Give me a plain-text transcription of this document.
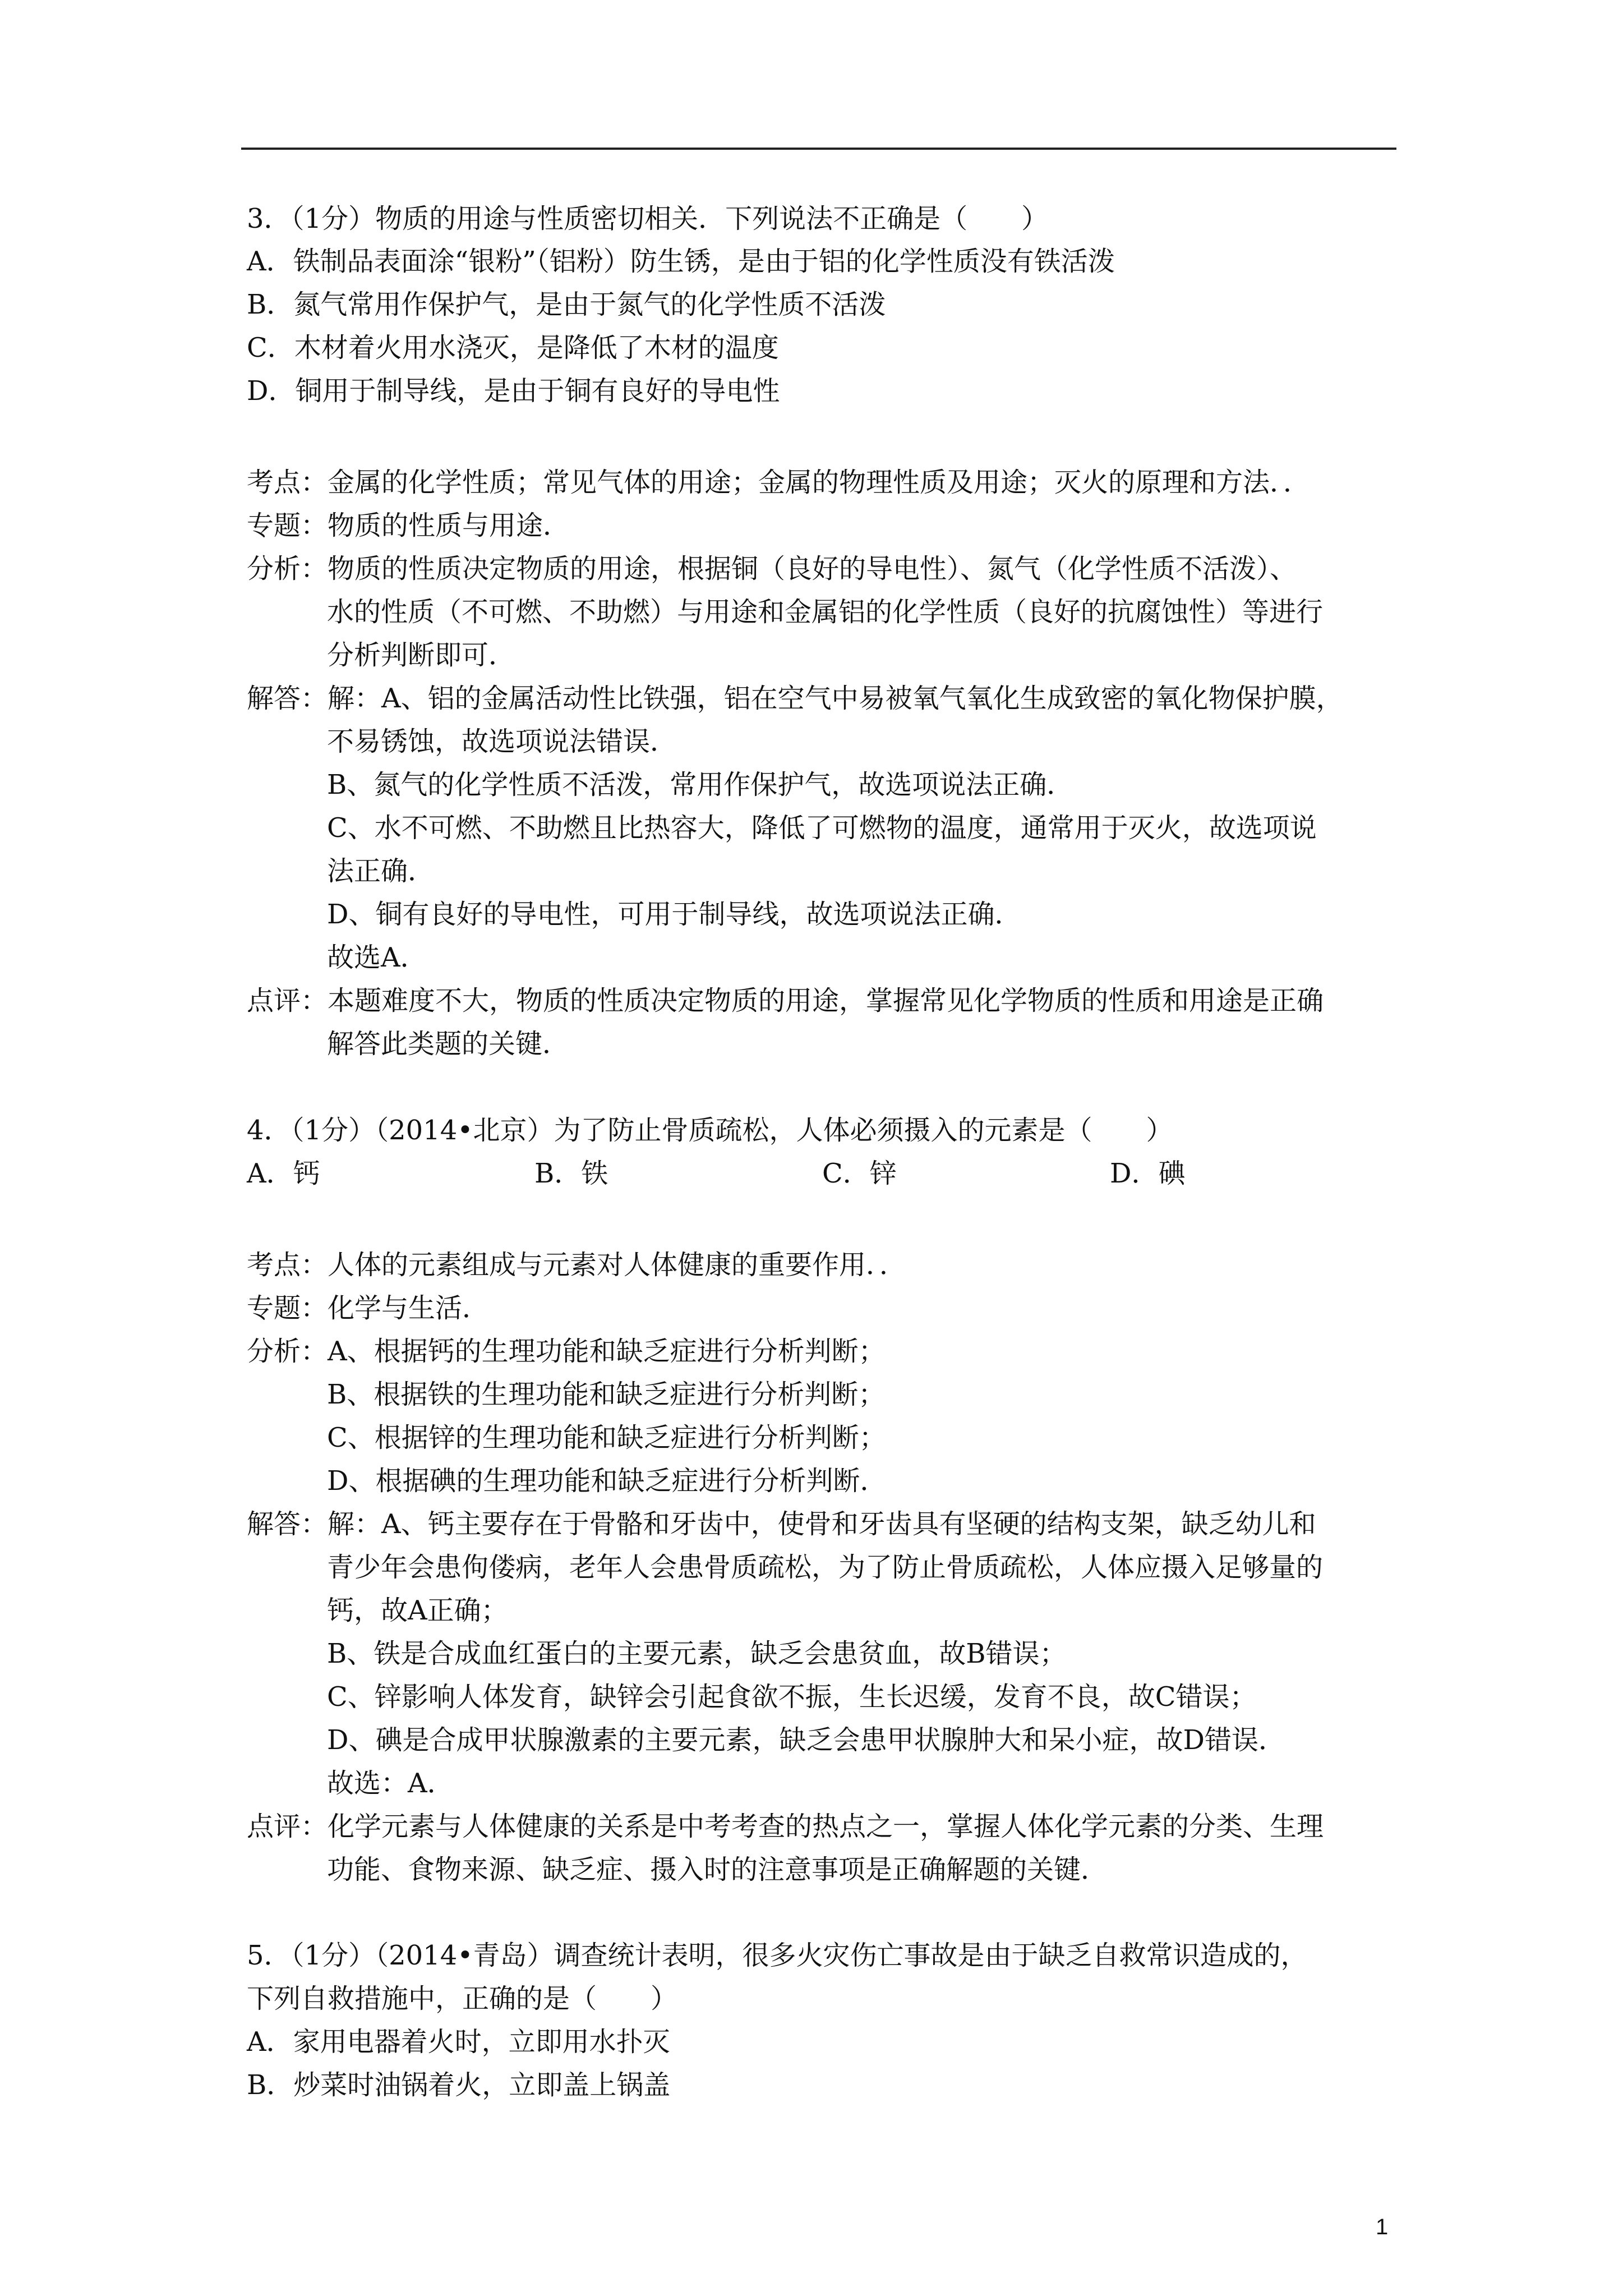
3．（1分）物质的用途与性质密切相关．下列说法不正确是（　　）
A．铁制品表面涂“银粉”（铝粉）防生锈，是由于铝的化学性质没有铁活泼
B．氮气常用作保护气，是由于氮气的化学性质不活泼
C．木材着火用水浇灭，是降低了木材的温度
D．铜用于制导线，是由于铜有良好的导电性
考点：金属的化学性质；常见气体的用途；金属的物理性质及用途；灭火的原理和方法．．
专题：物质的性质与用途．
分析：物质的性质决定物质的用途，根据铜（良好的导电性）、氮气（化学性质不活泼）、
水的性质（不可燃、不助燃）与用途和金属铝的化学性质（良好的抗腐蚀性）等进行
分析判断即可．
解答：解：A、铝的金属活动性比铁强，铝在空气中易被氧气氧化生成致密的氧化物保护膜，
不易锈蚀，故选项说法错误．
B、氮气的化学性质不活泼，常用作保护气，故选项说法正确．
C、水不可燃、不助燃且比热容大，降低了可燃物的温度，通常用于灭火，故选项说
法正确．
D、铜有良好的导电性，可用于制导线，故选项说法正确．
故选A．
点评：本题难度不大，物质的性质决定物质的用途，掌握常见化学物质的性质和用途是正确
解答此类题的关键．
4．（1分）（2014•北京）为了防止骨质疏松，人体必须摄入的元素是（　　）
A．钙	B．铁	C．锌	D．碘
考点：人体的元素组成与元素对人体健康的重要作用．．
专题：化学与生活．
分析：A、根据钙的生理功能和缺乏症进行分析判断；
B、根据铁的生理功能和缺乏症进行分析判断；
C、根据锌的生理功能和缺乏症进行分析判断；
D、根据碘的生理功能和缺乏症进行分析判断．
解答：解：A、钙主要存在于骨骼和牙齿中，使骨和牙齿具有坚硬的结构支架，缺乏幼儿和
青少年会患佝偻病，老年人会患骨质疏松，为了防止骨质疏松，人体应摄入足够量的
钙，故A正确；
B、铁是合成血红蛋白的主要元素，缺乏会患贫血，故B错误；
C、锌影响人体发育，缺锌会引起食欲不振，生长迟缓，发育不良，故C错误；
D、碘是合成甲状腺激素的主要元素，缺乏会患甲状腺肿大和呆小症，故D错误．
故选：A．
点评：化学元素与人体健康的关系是中考考查的热点之一，掌握人体化学元素的分类、生理
功能、食物来源、缺乏症、摄入时的注意事项是正确解题的关键．
5．（1分）（2014•青岛）调查统计表明，很多火灾伤亡事故是由于缺乏自救常识造成的，
下列自救措施中，正确的是（　　）
A．家用电器着火时，立即用水扑灭
B．炒菜时油锅着火，立即盖上锅盖
1
